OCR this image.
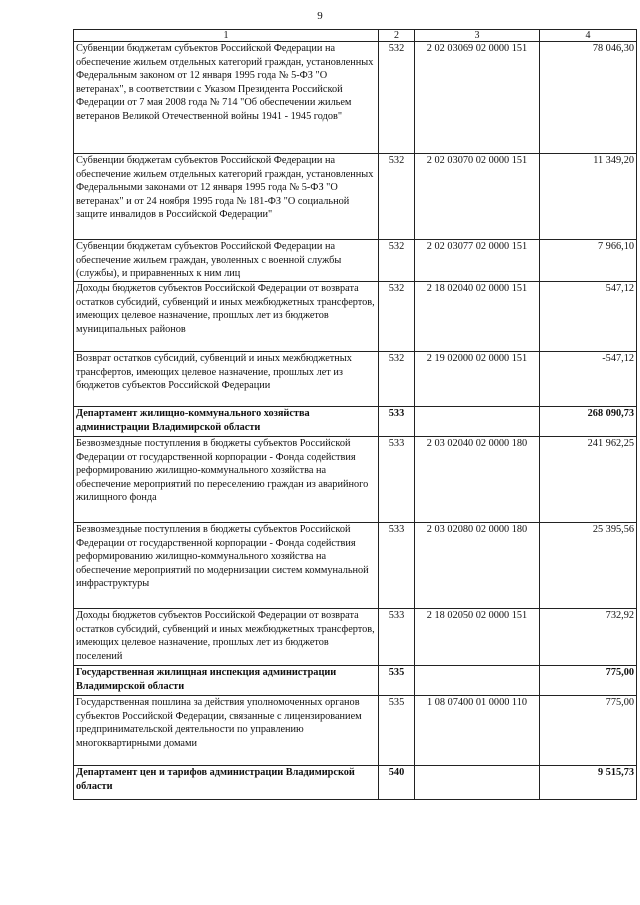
9
1	2	3	4
Субвенции бюджетам субъектов Российской Федерации на обеспечение жильем отдельных категорий граждан, установленных Федеральным законом от 12 января 1995 года № 5-ФЗ "О ветеранах", в соответствии с Указом Президента Российской Федерации от 7 мая 2008 года № 714 "Об обеспечении жильем ветеранов Великой Отечественной войны 1941 - 1945 годов"	532	2 02 03069 02 0000 151	78 046,30
Субвенции бюджетам субъектов Российской Федерации на обеспечение жильем отдельных категорий граждан, установленных Федеральными законами от 12 января 1995 года № 5-ФЗ "О ветеранах" и от 24 ноября 1995 года № 181-ФЗ "О социальной защите инвалидов в Российской Федерации"	532	2 02 03070 02 0000 151	11 349,20
Субвенции бюджетам субъектов Российской Федерации на обеспечение жильем граждан, уволенных с военной службы (службы), и приравненных к ним лиц	532	2 02 03077 02 0000 151	7 966,10
Доходы бюджетов субъектов Российской Федерации от возврата остатков субсидий, субвенций и иных межбюджетных трансфертов, имеющих целевое назначение, прошлых лет из бюджетов муниципальных районов	532	2 18 02040 02 0000 151	547,12
Возврат остатков субсидий, субвенций и иных межбюджетных трансфертов, имеющих целевое назначение, прошлых лет из бюджетов субъектов Российской Федерации	532	2 19 02000 02 0000 151	-547,12
Департамент жилищно-коммунального хозяйства администрации Владимирской области	533		268 090,73
Безвозмездные поступления в бюджеты субъектов Российской Федерации от государственной корпорации - Фонда содействия реформированию жилищно-коммунального хозяйства на обеспечение мероприятий по переселению граждан из аварийного жилищного фонда	533	2 03 02040 02 0000 180	241 962,25
Безвозмездные поступления в бюджеты субъектов Российской Федерации от государственной корпорации - Фонда содействия реформированию жилищно-коммунального хозяйства на обеспечение мероприятий по модернизации систем коммунальной инфраструктуры	533	2 03 02080 02 0000 180	25 395,56
Доходы бюджетов субъектов Российской Федерации от возврата остатков субсидий, субвенций и иных межбюджетных трансфертов, имеющих целевое назначение, прошлых лет из бюджетов поселений	533	2 18 02050 02 0000 151	732,92
Государственная жилищная инспекция администрации Владимирской области	535		775,00
Государственная пошлина за действия уполномоченных органов субъектов Российской Федерации, связанные с лицензированием предпринимательской деятельности по управлению многоквартирными домами	535	1 08 07400 01 0000 110	775,00
Департамент цен и тарифов администрации Владимирской области	540		9 515,73
